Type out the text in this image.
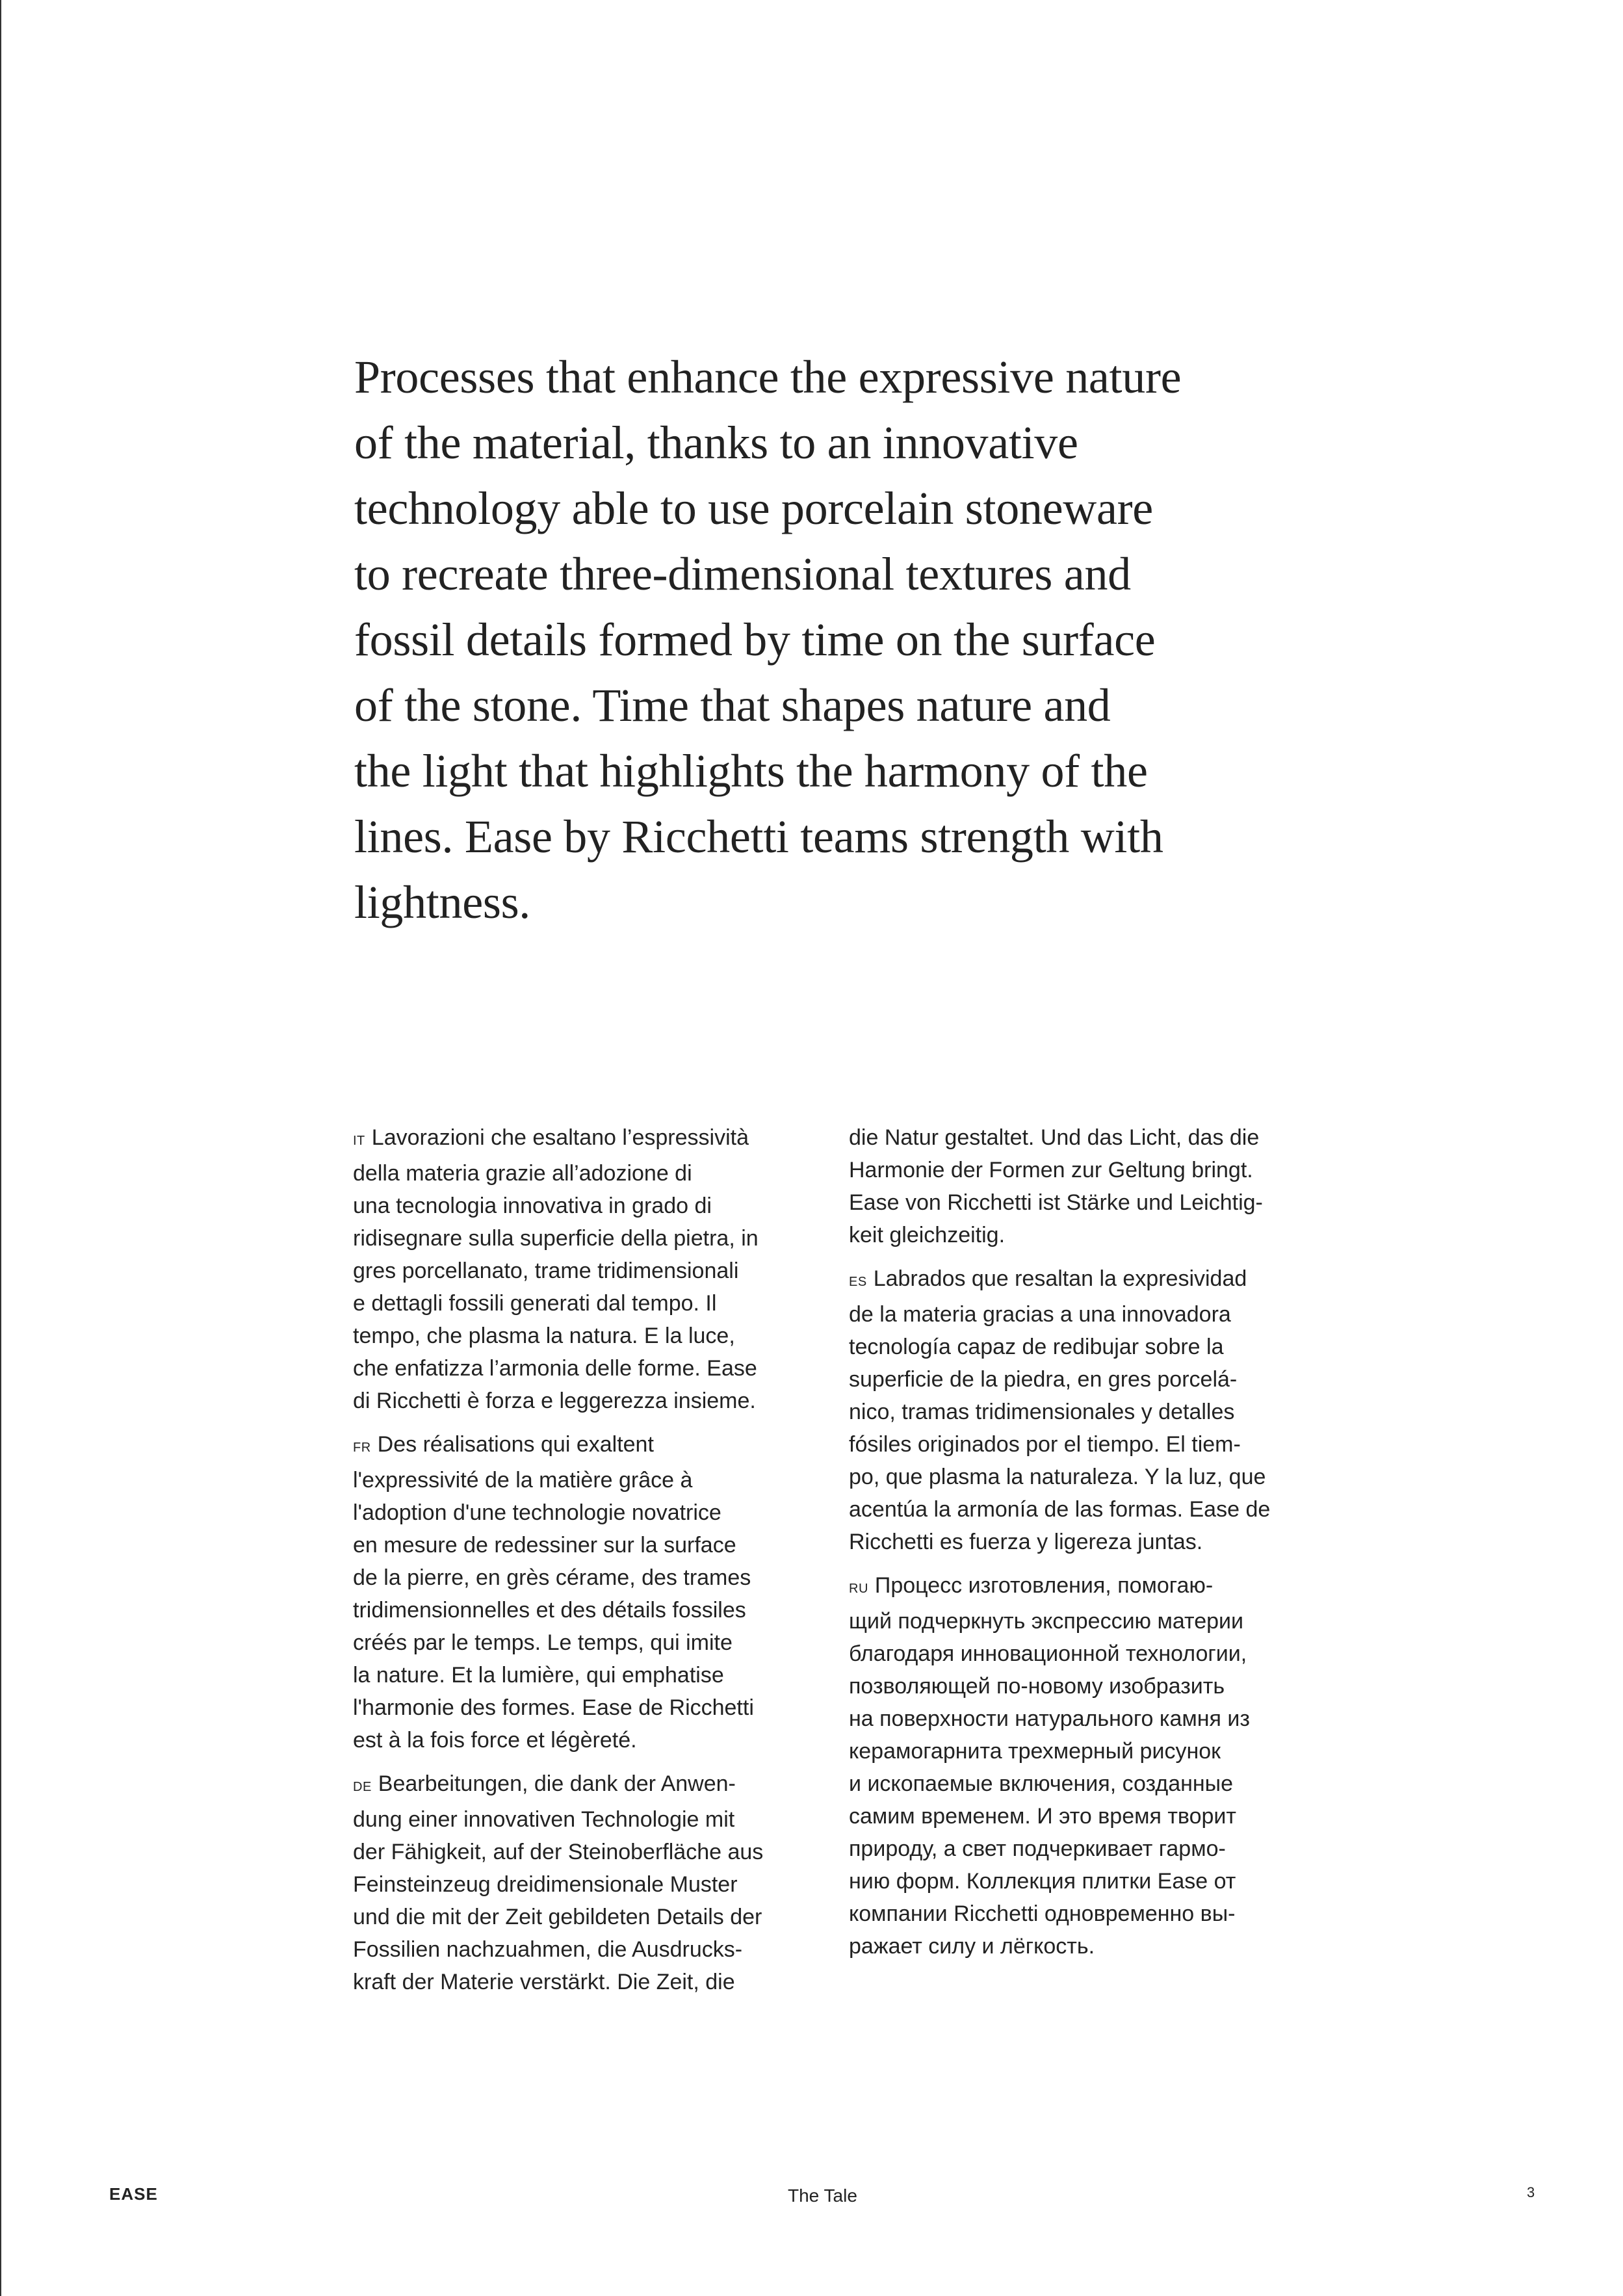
Processes that enhance the expressive nature
of the material, thanks to an innovative
technology able to use porcelain stoneware
to recreate three-dimensional textures and
fossil details formed by time on the surface
of the stone. Time that shapes nature and
the light that highlights the harmony of the
lines. Ease by Ricchetti teams strength with
lightness.
IT Lavorazioni che esaltano l’espressività
della materia grazie all’adozione di
una tecnologia innovativa in grado di
ridisegnare sulla superficie della pietra, in
gres porcellanato, trame tridimensionali
e dettagli fossili generati dal tempo. Il
tempo, che plasma la natura. E la luce,
che enfatizza l’armonia delle forme. Ease
di Ricchetti è forza e leggerezza insieme.
FR Des réalisations qui exaltent
l'expressivité de la matière grâce à
l'adoption d'une technologie novatrice
en mesure de redessiner sur la surface
de la pierre, en grès cérame, des trames
tridimensionnelles et des détails fossiles
créés par le temps. Le temps, qui imite
la nature. Et la lumière, qui emphatise
l'harmonie des formes. Ease de Ricchetti
est à la fois force et légèreté.
DE Bearbeitungen, die dank der Anwen-
dung einer innovativen Technologie mit
der Fähigkeit, auf der Steinoberfläche aus
Feinsteinzeug dreidimensionale Muster
und die mit der Zeit gebildeten Details der
Fossilien nachzuahmen, die Ausdrucks-
kraft der Materie verstärkt. Die Zeit, die
die Natur gestaltet. Und das Licht, das die
Harmonie der Formen zur Geltung bringt.
Ease von Ricchetti ist Stärke und Leichtig-
keit gleichzeitig.
ES Labrados que resaltan la expresividad
de la materia gracias a una innovadora
tecnología capaz de redibujar sobre la
superficie de la piedra, en gres porcelá-
nico, tramas tridimensionales y detalles
fósiles originados por el tiempo. El tiem-
po, que plasma la naturaleza. Y la luz, que
acentúa la armonía de las formas. Ease de
Ricchetti es fuerza y ligereza juntas.
RU Процесс изготовления, помогаю-
щий подчеркнуть экспрессию материи
благодаря инновационной технологии,
позволяющей по-новому изобразить
на поверхности натурального камня из
керамогарнита трехмерный рисунок
и ископаемые включения, созданные
самим временем. И это время творит
природу, а свет подчеркивает гармо-
нию форм. Коллекция плитки Ease от
компании Ricchetti одновременно вы-
ражает силу и лёгкость.
EASE	The Tale	3
